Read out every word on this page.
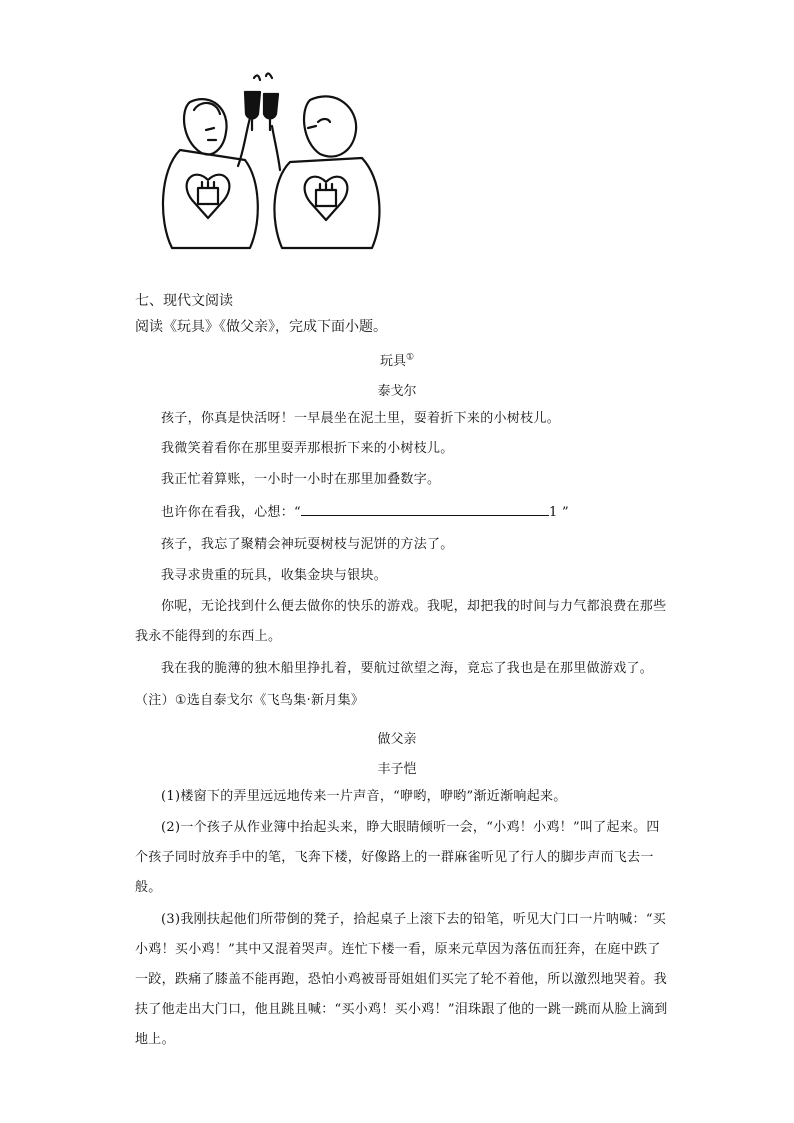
七、现代文阅读
阅读《玩具》《做父亲》，完成下面小题。
玩具①
泰戈尔
孩子，你真是快活呀！一早晨坐在泥土里，耍着折下来的小树枝儿。
我微笑着看你在那里耍弄那根折下来的小树枝儿。
我正忙着算账，一小时一小时在那里加叠数字。
也许你在看我，心想：“	1 ”
孩子，我忘了聚精会神玩耍树枝与泥饼的方法了。
我寻求贵重的玩具，收集金块与银块。
你呢，无论找到什么便去做你的快乐的游戏。我呢，却把我的时间与力气都浪费在那些我永不能得到的东西上。
我在我的脆薄的独木船里挣扎着，要航过欲望之海，竟忘了我也是在那里做游戏了。
（注）①选自泰戈尔《飞鸟集·新月集》
做父亲
丰子恺
(1)楼窗下的弄里远远地传来一片声音，“咿哟，咿哟”渐近渐响起来。
(2)一个孩子从作业簿中抬起头来，睁大眼睛倾听一会，“小鸡！小鸡！”叫了起来。四个孩子同时放弃手中的笔，飞奔下楼，好像路上的一群麻雀听见了行人的脚步声而飞去一般。
(3)我刚扶起他们所带倒的凳子，拾起桌子上滚下去的铅笔，听见大门口一片呐喊：“买小鸡！买小鸡！”其中又混着哭声。连忙下楼一看，原来元草因为落伍而狂奔，在庭中跌了一跤，跌痛了膝盖不能再跑，恐怕小鸡被哥哥姐姐们买完了轮不着他，所以激烈地哭着。我扶了他走出大门口，他且跳且喊：“买小鸡！买小鸡！”泪珠跟了他的一跳一跳而从脸上滴到地上。
